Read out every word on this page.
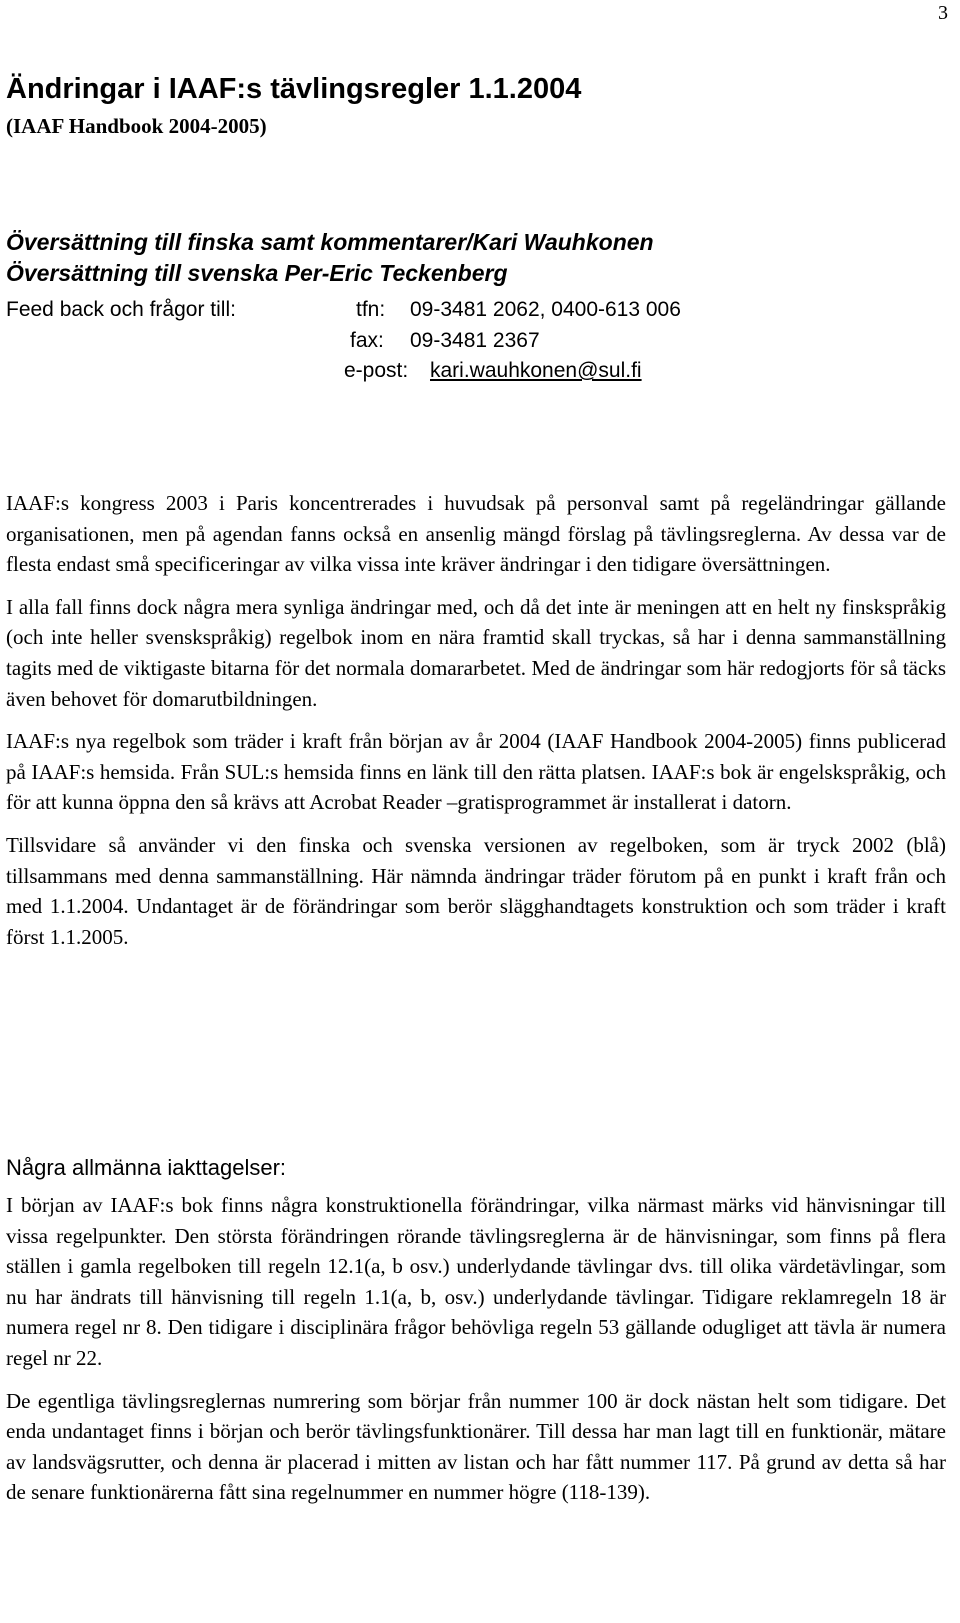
3
Ändringar i IAAF:s tävlingsregler 1.1.2004
(IAAF Handbook 2004-2005)
Översättning till finska samt kommentarer/Kari Wauhkonen
Översättning till svenska Per-Eric Teckenberg
Feed back och frågor till:	tfn: 09-3481 2062, 0400-613 006
fax: 09-3481 2367
e-post: kari.wauhkonen@sul.fi

IAAF:s kongress 2003 i Paris koncentrerades i huvudsak på personval samt på regeländringar gällande organisationen, men på agendan fanns också en ansenlig mängd förslag på tävlingsreglerna. Av dessa var de flesta endast små specificeringar av vilka vissa inte kräver ändringar i den tidigare översättningen.

I alla fall finns dock några mera synliga ändringar med, och då det inte är meningen att en helt ny finskspråkig (och inte heller svenskspråkig) regelbok inom en nära framtid skall tryckas, så har i denna sammanställning tagits med de viktigaste bitarna för det normala domararbetet. Med de ändringar som här redogjorts för så täcks även behovet för domarutbildningen.

IAAF:s nya regelbok som träder i kraft från början av år 2004 (IAAF Handbook 2004-2005) finns publicerad på IAAF:s hemsida. Från SUL:s hemsida finns en länk till den rätta platsen. IAAF:s bok är engelskspråkig, och för att kunna öppna den så krävs att Acrobat Reader –gratisprogrammet är installerat i datorn.

Tillsvidare så använder vi den finska och svenska versionen av regelboken, som är tryck 2002 (blå) tillsammans med denna sammanställning. Här nämnda ändringar träder förutom på en punkt i kraft från och med 1.1.2004. Undantaget är de förändringar som berör slägghandtagets konstruktion och som träder i kraft först 1.1.2005.

Några allmänna iakttagelser:

I början av IAAF:s bok finns några konstruktionella förändringar, vilka närmast märks vid hänvisningar till vissa regelpunkter. Den största förändringen rörande tävlingsreglerna är de hänvisningar, som finns på flera ställen i gamla regelboken till regeln 12.1(a, b osv.) underlydande tävlingar dvs. till olika värdetävlingar, som nu har ändrats till hänvisning till regeln 1.1(a, b, osv.) underlydande tävlingar. Tidigare reklamregeln 18 är numera regel nr 8. Den tidigare i disciplinära frågor behövliga regeln 53 gällande odugliget att tävla är numera regel nr 22.

De egentliga tävlingsreglernas numrering som börjar från nummer 100 är dock nästan helt som tidigare. Det enda undantaget finns i början och berör tävlingsfunktionärer. Till dessa har man lagt till en funktionär, mätare av landsvägsrutter, och denna är placerad i mitten av listan och har fått nummer 117. På grund av detta så har de senare funktionärerna fått sina regelnummer en nummer högre (118-139).
